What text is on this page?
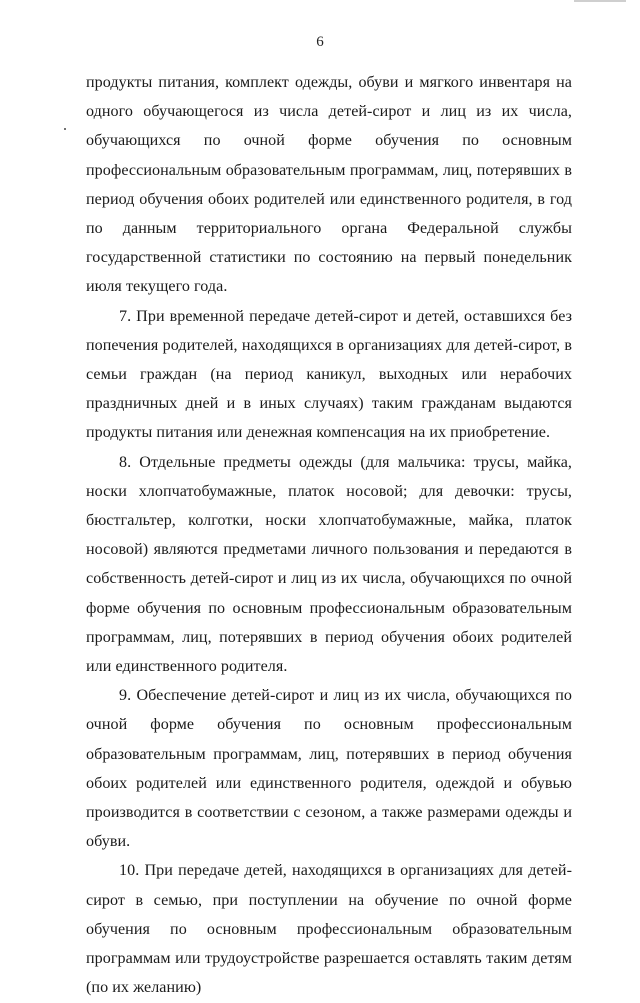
6

продукты питания, комплект одежды, обуви и мягкого инвентаря на одного обучающегося из числа детей-сирот и лиц из их числа, обучающихся по очной форме обучения по основным профессиональным образовательным программам, лиц, потерявших в период обучения обоих родителей или единственного родителя, в год по данным территориального органа Федеральной службы государственной статистики по состоянию на первый понедельник июля текущего года.

7. При временной передаче детей-сирот и детей, оставшихся без попечения родителей, находящихся в организациях для детей-сирот, в семьи граждан (на период каникул, выходных или нерабочих праздничных дней и в иных случаях) таким гражданам выдаются продукты питания или денежная компенсация на их приобретение.

8. Отдельные предметы одежды (для мальчика: трусы, майка, носки хлопчатобумажные, платок носовой; для девочки: трусы, бюстгальтер, колготки, носки хлопчатобумажные, майка, платок носовой) являются предметами личного пользования и передаются в собственность детей-сирот и лиц из их числа, обучающихся по очной форме обучения по основным профессиональным образовательным программам, лиц, потерявших в период обучения обоих родителей или единственного родителя.

9. Обеспечение детей-сирот и лиц из их числа, обучающихся по очной форме обучения по основным профессиональным образовательным программам, лиц, потерявших в период обучения обоих родителей или единственного родителя, одеждой и обувью производится в соответствии с сезоном, а также размерами одежды и обуви.

10. При передаче детей, находящихся в организациях для детей-сирот в семью, при поступлении на обучение по очной форме обучения по основным профессиональным образовательным программам или трудоустройстве разрешается оставлять таким детям (по их желанию)
